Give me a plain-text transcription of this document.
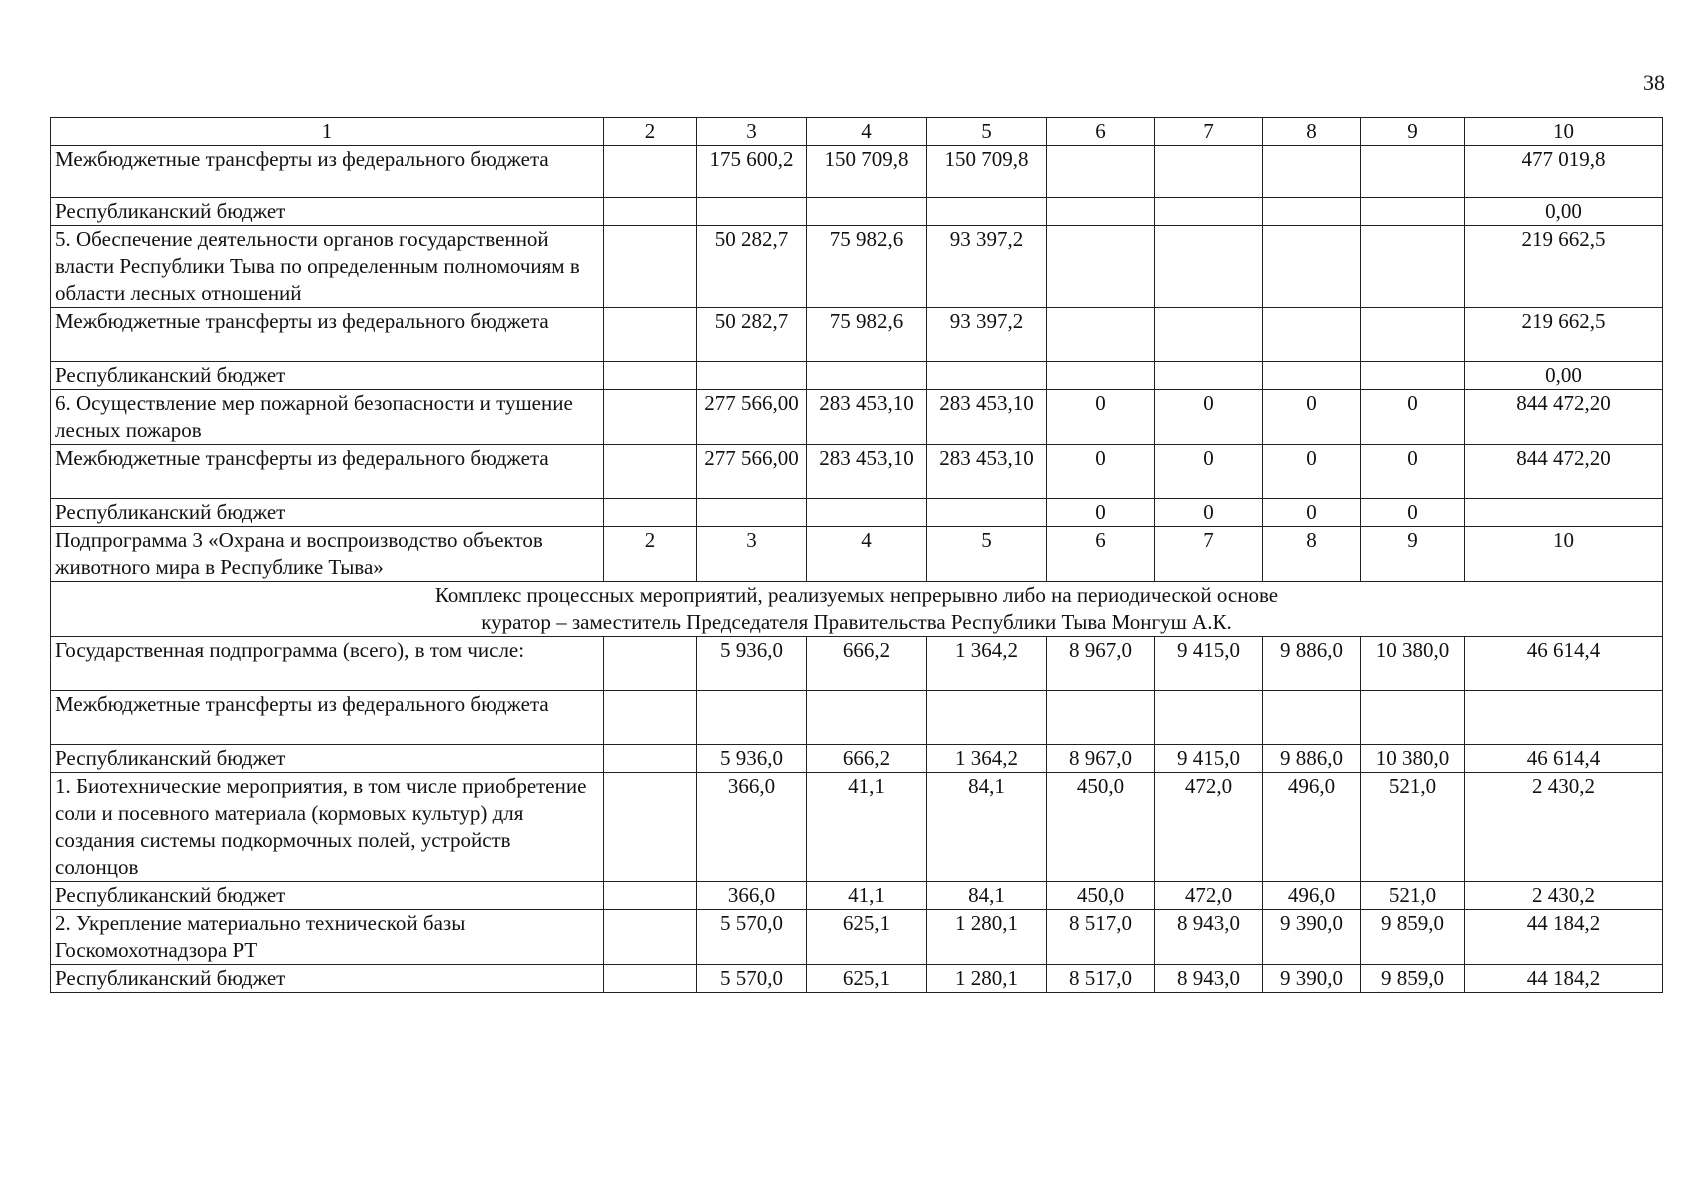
38
1	2	3	4	5	6	7	8	9	10
Межбюджетные трансферты из федерального бюджета		175 600,2	150 709,8	150 709,8					477 019,8
Республиканский бюджет									0,00
5. Обеспечение деятельности органов государственной власти Республики Тыва по определенным полномочиям в области лесных отношений		50 282,7	75 982,6	93 397,2					219 662,5
Межбюджетные трансферты из федерального бюджета		50 282,7	75 982,6	93 397,2					219 662,5
Республиканский бюджет									0,00
6. Осуществление мер пожарной безопасности и тушение лесных пожаров		277 566,00	283 453,10	283 453,10	0	0	0	0	844 472,20
Межбюджетные трансферты из федерального бюджета		277 566,00	283 453,10	283 453,10	0	0	0	0	844 472,20
Республиканский бюджет					0	0	0	0	
Подпрограмма 3 «Охрана и воспроизводство объектов животного мира в Республике Тыва»	2	3	4	5	6	7	8	9	10

Комплекс процессных мероприятий, реализуемых непрерывно либо на периодической основе
куратор – заместитель Председателя Правительства Республики Тыва Монгуш А.К.									

Государственная подпрограмма (всего), в том числе:		5 936,0	666,2	1 364,2	8 967,0	9 415,0	9 886,0	10 380,0	46 614,4
Межбюджетные трансферты из федерального бюджета									
Республиканский бюджет		5 936,0	666,2	1 364,2	8 967,0	9 415,0	9 886,0	10 380,0	46 614,4
1. Биотехнические мероприятия, в том числе приобретение соли и посевного материала (кормовых культур) для создания системы подкормочных полей, устройств солонцов		366,0	41,1	84,1	450,0	472,0	496,0	521,0	2 430,2
Республиканский бюджет		366,0	41,1	84,1	450,0	472,0	496,0	521,0	2 430,2
2. Укрепление материально технической базы Госкомохотнадзора РТ		5 570,0	625,1	1 280,1	8 517,0	8 943,0	9 390,0	9 859,0	44 184,2
Республиканский бюджет		5 570,0	625,1	1 280,1	8 517,0	8 943,0	9 390,0	9 859,0	44 184,2
